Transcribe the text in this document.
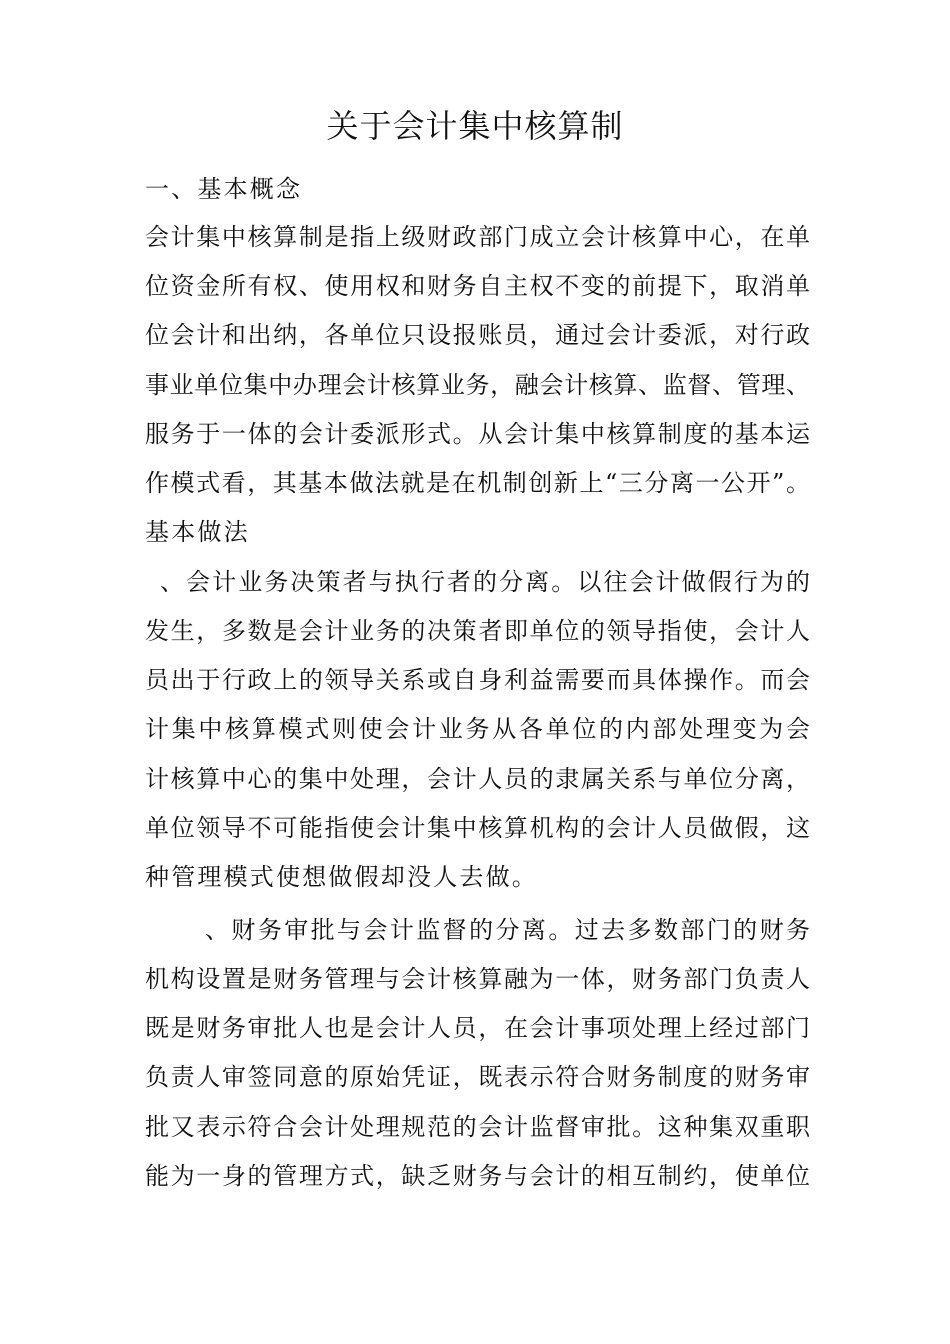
关于会计集中核算制
一、基本概念
会计集中核算制是指上级财政部门成立会计核算中心，在单
位资金所有权、使用权和财务自主权不变的前提下，取消单
位会计和出纳，各单位只设报账员，通过会计委派，对行政
事业单位集中办理会计核算业务，融会计核算、监督、管理、
服务于一体的会计委派形式。从会计集中核算制度的基本运
作模式看，其基本做法就是在机制创新上“三分离一公开”。
基本做法
、会计业务决策者与执行者的分离。以往会计做假行为的
发生，多数是会计业务的决策者即单位的领导指使，会计人
员出于行政上的领导关系或自身利益需要而具体操作。而会
计集中核算模式则使会计业务从各单位的内部处理变为会
计核算中心的集中处理，会计人员的隶属关系与单位分离，
单位领导不可能指使会计集中核算机构的会计人员做假，这
种管理模式使想做假却没人去做。
、财务审批与会计监督的分离。过去多数部门的财务
机构设置是财务管理与会计核算融为一体，财务部门负责人
既是财务审批人也是会计人员，在会计事项处理上经过部门
负责人审签同意的原始凭证，既表示符合财务制度的财务审
批又表示符合会计处理规范的会计监督审批。这种集双重职
能为一身的管理方式，缺乏财务与会计的相互制约，使单位
